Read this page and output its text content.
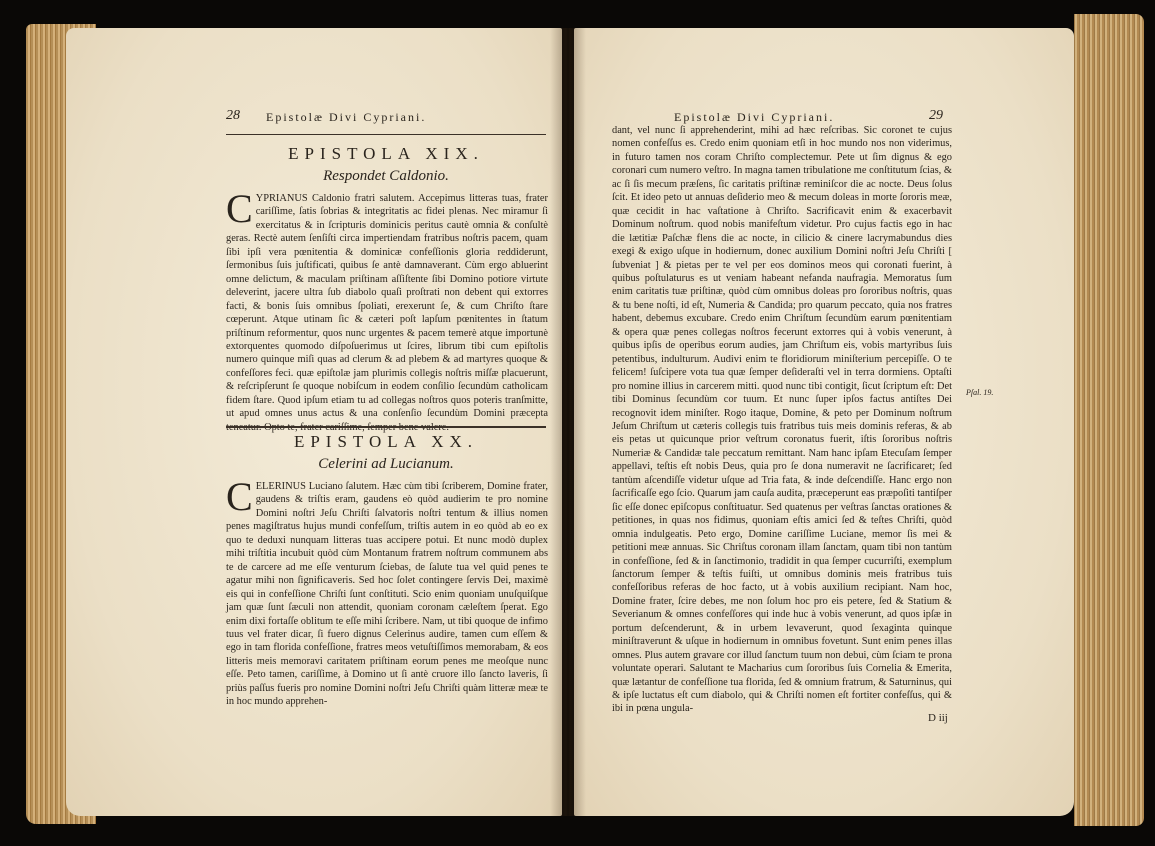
28 Epistolæ Divi Cypriani.
EPISTOLA XIX.
Respondet Caldonio.
C YPRIANUS Caldonio fratri salutem. Accepimus litteras tuas, frater cariſſime, ſatis ſobrias & integritatis ac fidei plenas. Nec miramur ſi exercitatus & in ſcripturis dominicis peritus cautè omnia & conſultè geras. Rectè autem ſenſiſti circa impertiendam fratribus noſtris pacem, quam ſibi ipſi vera pœnitentia & dominicæ confeſſionis gloria reddiderunt, ſermonibus ſuis juſtificati, quibus ſe antè damnaverant. Cùm ergo abluerint omne delictum, & maculam priſtinam aſſiſtente ſibi Domino potiore virtute deleverint, jacere ultra ſub diabolo quaſi proſtrati non debent qui extorres facti, & bonis ſuis omnibus ſpoliati, erexerunt ſe, & cum Chriſto ſtare cœperunt. Atque utinam ſic & cæteri poſt lapſum pœnitentes in ſtatum priſtinum reformentur, quos nunc urgentes & pacem temerè atque importunè extorquentes quomodo diſpoſuerimus ut ſcires, librum tibi cum epiſtolis numero quinque miſi quas ad clerum & ad plebem & ad martyres quoque & confeſſores feci. quæ epiſtolæ jam plurimis collegis noſtris miſſæ placuerunt, & reſcripſerunt ſe quoque nobiſcum in eodem conſilio ſecundùm catholicam fidem ſtare. Quod ipſum etiam tu ad collegas noſtros quos poteris tranſmitte, ut apud omnes unus actus & una conſenſio ſecundùm Domini præcepta teneatur. Opto te, frater cariſſime, ſemper bene valere.
EPISTOLA XX.
Celerini ad Lucianum.
C ELERINUS Luciano ſalutem. Hæc cùm tibi ſcriberem, Domine frater, gaudens & triſtis eram, gaudens eò quòd audierim te pro nomine Domini noſtri Jeſu Chriſti ſalvatoris noſtri tentum & illius nomen penes magiſtratus hujus mundi confeſſum, triſtis autem in eo quòd ab eo ex quo te deduxi nunquam litteras tuas accipere potui. Et nunc modò duplex mihi triſtitia incubuit quòd cùm Montanum fratrem noſtrum communem abs te de carcere ad me eſſe venturum ſciebas, de ſalute tua vel quid penes te agatur mihi non ſignificaveris. Sed hoc ſolet contingere ſervis Dei, maximè eis qui in confeſſione Chriſti ſunt conſtituti. Scio enim quoniam unuſquiſque jam quæ ſunt ſæculi non attendit, quoniam coronam cæleſtem ſperat. Ego enim dixi fortaſſe oblitum te eſſe mihi ſcribere. Nam, ut tibi quoque de infimo tuus vel frater dicar, ſi fuero dignus Celerinus audire, tamen cum eſſem & ego in tam florida confeſſione, fratres meos vetuſtiſſimos memorabam, & eos litteris meis memoravi caritatem priſtinam eorum penes me meoſque nunc eſſe. Peto tamen, cariſſime, à Domino ut ſi antè cruore illo ſancto laveris, ſi priùs paſſus fueris pro nomine Domini noſtri Jeſu Chriſti quàm litteræ meæ te in hoc mundo apprehen-
Epistolæ Divi Cypriani.	29
dant, vel nunc ſi apprehenderint, mihi ad hæc reſcribas. Sic coronet te cujus nomen confeſſus es. Credo enim quoniam etſi in hoc mundo nos non viderimus, in futuro tamen nos coram Chriſto complectemur. Pete ut ſim dignus & ego coronari cum numero veſtro. In magna tamen tribulatione me conſtitutum ſcias, & ac ſi ſis mecum præſens, ſic caritatis priſtinæ reminiſcor die ac nocte. Deus ſolus ſcit. Et ideo peto ut annuas deſiderio meo & mecum doleas in morte ſororis meæ, quæ cecidit in hac vaſtatione à Chriſto. Sacrificavit enim & exacerbavit Dominum noſtrum. quod nobis manifeſtum videtur. Pro cujus factis ego in hac die lætitiæ Paſchæ flens die ac nocte, in cilicio & cinere lacrymabundus dies exegi & exigo uſque in hodiernum, donec auxilium Domini noſtri Jeſu Chriſti [ ſubveniat ] & pietas per te vel per eos dominos meos qui coronati fuerint, à quibus poſtulaturus es ut veniam habeant nefanda naufragia. Memoratus ſum enim caritatis tuæ priſtinæ, quòd cùm omnibus doleas pro ſororibus noſtris, quas & tu bene noſti, id eſt, Numeria & Candida; pro quarum peccato, quia nos fratres habent, debemus excubare. Credo enim Chriſtum ſecundùm earum pœnitentiam & opera quæ penes collegas noſtros fecerunt extorres qui à vobis venerunt, à quibus ipſis de operibus eorum audies, jam Chriſtum eis, vobis martyribus ſuis petentibus, indulturum. Audivi enim te floridiorum miniſterium percepiſſe. O te felicem! ſuſcipere vota tua quæ ſemper deſideraſti vel in terra dormiens. Optaſti pro nomine illius in carcerem mitti. quod nunc tibi contigit, ſicut ſcriptum eſt: Det tibi Dominus ſecundùm cor tuum. Et nunc ſuper ipſos factus antiſtes Dei recognovit idem miniſter. Rogo itaque, Domine, & peto per Dominum noſtrum Jeſum Chriſtum ut cæteris collegis tuis fratribus tuis meis dominis referas, & ab eis petas ut quicunque prior veſtrum coronatus fuerit, iſtis ſororibus noſtris Numeriæ & Candidæ tale peccatum remittant. Nam hanc ipſam Etecuſam ſemper appellavi, teſtis eſt nobis Deus, quia pro ſe dona numeravit ne ſacrificaret; ſed tantùm aſcendiſſe videtur uſque ad Tria fata, & inde deſcendiſſe. Hanc ergo non ſacrificaſſe ego ſcio. Quarum jam cauſa audita, præceperunt eas præpoſiti tantiſper ſic eſſe donec epiſcopus conſtituatur. Sed quatenus per veſtras ſanctas orationes & petitiones, in quas nos fidimus, quoniam eſtis amici ſed & teſtes Chriſti, quòd omnia indulgeatis. Peto ergo, Domine cariſſime Luciane, memor ſis mei & petitioni meæ annuas. Sic Chriſtus coronam illam ſanctam, quam tibi non tantùm in confeſſione, ſed & in ſanctimonio, tradidit in qua ſemper cucurriſti, exemplum ſanctorum ſemper & teſtis fuiſti, ut omnibus dominis meis fratribus tuis confeſſoribus referas de hoc facto, ut à vobis auxilium recipiant. Nam hoc, Domine frater, ſcire debes, me non ſolum hoc pro eis petere, ſed & Statium & Severianum & omnes confeſſores qui inde huc à vobis venerunt, ad quos ipſæ in portum deſcenderunt, & in urbem levaverunt, quod ſexaginta quinque miniſtraverunt & uſque in hodiernum in omnibus fovetunt. Sunt enim penes illas omnes. Plus autem gravare cor illud ſanctum tuum non debui, cùm ſciam te prona voluntate operari. Salutant te Macharius cum ſororibus ſuis Cornelia & Emerita, quæ lætantur de confeſſione tua florida, ſed & omnium fratrum, & Saturninus, qui & ipſe luctatus eſt cum diabolo, qui & Chriſti nomen eſt fortiter confeſſus, qui & ibi in pœna ungula-
Pſal. 19.
D iij
